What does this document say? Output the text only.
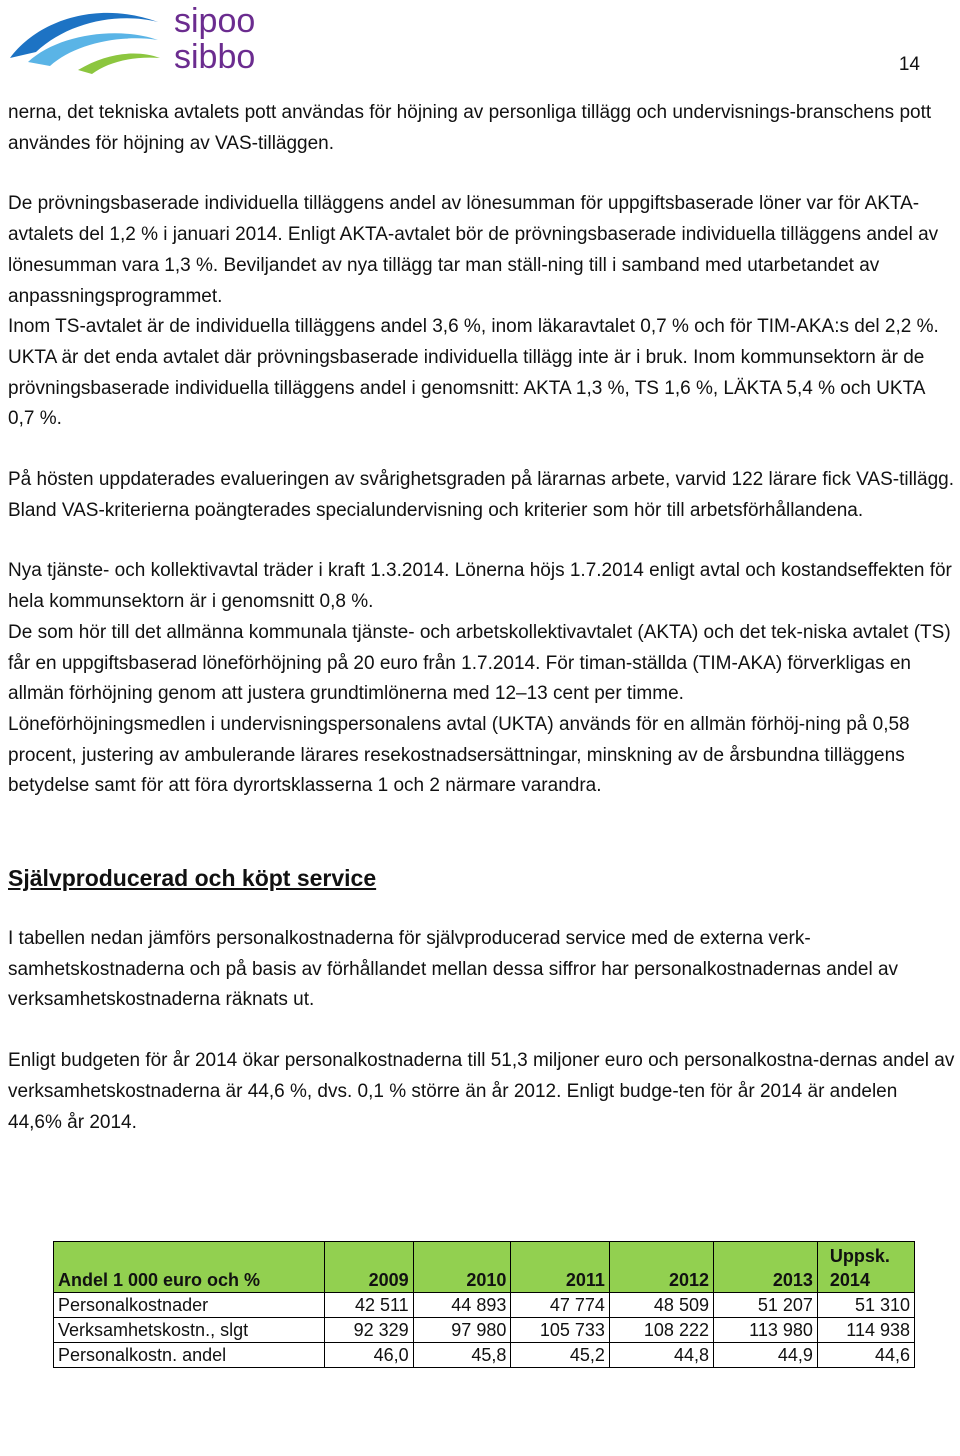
sipoo
sibbo	14

nerna, det tekniska avtalets pott användas för höjning av personliga tillägg och undervisnings-branschens pott användes för höjning av VAS-tilläggen.

De prövningsbaserade individuella tilläggens andel av lönesumman för uppgiftsbaserade löner var för AKTA-avtalets del 1,2 % i januari 2014. Enligt AKTA-avtalet bör de prövningsbaserade individuella tilläggens andel av lönesumman vara 1,3 %. Beviljandet av nya tillägg tar man ställ-ning till i samband med utarbetandet av anpassningsprogrammet.

Inom TS-avtalet är de individuella tilläggens andel 3,6 %, inom läkaravtalet 0,7 % och för TIM-AKA:s del 2,2 %. UKTA är det enda avtalet där prövningsbaserade individuella tillägg inte är i bruk. Inom kommunsektorn är de prövningsbaserade individuella tilläggens andel i genomsnitt: AKTA 1,3 %, TS 1,6 %, LÄKTA 5,4 % och UKTA 0,7 %.

På hösten uppdaterades evalueringen av svårighetsgraden på lärarnas arbete, varvid 122 lärare fick VAS-tillägg. Bland VAS-kriterierna poängterades specialundervisning och kriterier som hör till arbetsförhållandena.

Nya tjänste- och kollektivavtal träder i kraft 1.3.2014. Lönerna höjs 1.7.2014 enligt avtal och kostandseffekten för hela kommunsektorn är i genomsnitt 0,8 %.

De som hör till det allmänna kommunala tjänste- och arbetskollektivavtalet (AKTA) och det tek-niska avtalet (TS) får en uppgiftsbaserad löneförhöjning på 20 euro från 1.7.2014. För timan-ställda (TIM-AKA) förverkligas en allmän förhöjning genom att justera grundtimlönerna med 12–13 cent per timme.

Löneförhöjningsmedlen i undervisningspersonalens avtal (UKTA) används för en allmän förhöj-ning på 0,58 procent, justering av ambulerande lärares resekostnadsersättningar, minskning av de årsbundna tilläggens betydelse samt för att föra dyrortsklasserna 1 och 2 närmare varandra.

Självproducerad och köpt service

I tabellen nedan jämförs personalkostnaderna för självproducerad service med de externa verk-samhetskostnaderna och på basis av förhållandet mellan dessa siffror har personalkostnadernas andel av verksamhetskostnaderna räknats ut.

Enligt budgeten för år 2014 ökar personalkostnaderna till 51,3 miljoner euro och personalkostna-dernas andel av verksamhetskostnaderna är 44,6 %, dvs. 0,1 % större än år 2012. Enligt budge-ten för år 2014 är andelen 44,6% år 2014.

Andel 1 000 euro och %	2009	2010	2011	2012	2013	Uppsk.
2014

Personalkostnader	42 511	44 893	47 774	48 509	51 207	51 310
Verksamhetskostn., slgt	92 329	97 980	105 733	108 222	113 980	114 938
Personalkostn. andel	46,0	45,8	45,2	44,8	44,9	44,6
